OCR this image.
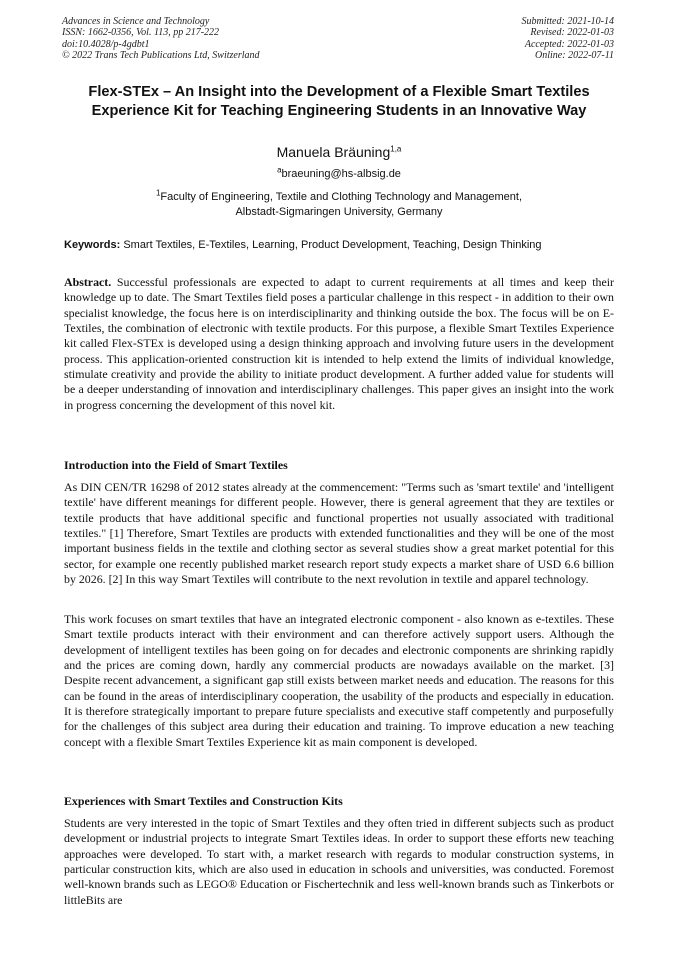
Advances in Science and Technology
ISSN: 1662-0356, Vol. 113, pp 217-222
doi:10.4028/p-4gdbt1
© 2022 Trans Tech Publications Ltd, Switzerland
Submitted: 2021-10-14
Revised: 2022-01-03
Accepted: 2022-01-03
Online: 2022-07-11
Flex-STEx – An Insight into the Development of a Flexible Smart Textiles Experience Kit for Teaching Engineering Students in an Innovative Way
Manuela Bräuning$^{1,a}$
$^a$braeuning@hs-albsig.de
$^1$Faculty of Engineering, Textile and Clothing Technology and Management,
Albstadt-Sigmaringen University, Germany
Keywords: Smart Textiles, E-Textiles, Learning, Product Development, Teaching, Design Thinking
Abstract. Successful professionals are expected to adapt to current requirements at all times and keep their knowledge up to date. The Smart Textiles field poses a particular challenge in this respect - in addition to their own specialist knowledge, the focus here is on interdisciplinarity and thinking outside the box. The focus will be on E-Textiles, the combination of electronic with textile products. For this purpose, a flexible Smart Textiles Experience kit called Flex-STEx is developed using a design thinking approach and involving future users in the development process. This application-oriented construction kit is intended to help extend the limits of individual knowledge, stimulate creativity and provide the ability to initiate product development. A further added value for students will be a deeper understanding of innovation and interdisciplinary challenges. This paper gives an insight into the work in progress concerning the development of this novel kit.
Introduction into the Field of Smart Textiles
As DIN CEN/TR 16298 of 2012 states already at the commencement: "Terms such as 'smart textile' and 'intelligent textile' have different meanings for different people. However, there is general agreement that they are textiles or textile products that have additional specific and functional properties not usually associated with traditional textiles." [1] Therefore, Smart Textiles are products with extended functionalities and they will be one of the most important business fields in the textile and clothing sector as several studies show a great market potential for this sector, for example one recently published market research report study expects a market share of USD 6.6 billion by 2026. [2] In this way Smart Textiles will contribute to the next revolution in textile and apparel technology.
This work focuses on smart textiles that have an integrated electronic component - also known as e-textiles. These Smart textile products interact with their environment and can therefore actively support users. Although the development of intelligent textiles has been going on for decades and electronic components are shrinking rapidly and the prices are coming down, hardly any commercial products are nowadays available on the market. [3] Despite recent advancement, a significant gap still exists between market needs and education. The reasons for this can be found in the areas of interdisciplinary cooperation, the usability of the products and especially in education. It is therefore strategically important to prepare future specialists and executive staff competently and purposefully for the challenges of this subject area during their education and training. To improve education a new teaching concept with a flexible Smart Textiles Experience kit as main component is developed.
Experiences with Smart Textiles and Construction Kits
Students are very interested in the topic of Smart Textiles and they often tried in different subjects such as product development or industrial projects to integrate Smart Textiles ideas. In order to support these efforts new teaching approaches were developed. To start with, a market research with regards to modular construction systems, in particular construction kits, which are also used in education in schools and universities, was conducted. Foremost well-known brands such as LEGO® Education or Fischertechnik and less well-known brands such as Tinkerbots or littleBits are
